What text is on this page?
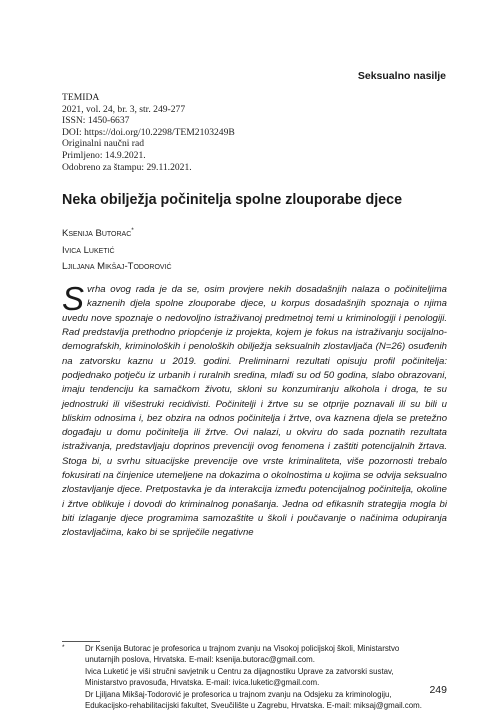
Seksualno nasilje
TEMIDA
2021, vol. 24, br. 3, str. 249-277
ISSN: 1450-6637
DOI: https://doi.org/10.2298/TEM2103249B
Originalni naučni rad
Primljeno: 14.9.2021.
Odobreno za štampu: 29.11.2021.
Neka obilježja počinitelja spolne zlouporabe djece
Ksenija Butorac*
Ivica Luketić
Ljiljana Mikšaj-Todorović

Svrha ovog rada je da se, osim provjere nekih dosadašnjih nalaza o počiniteljima kaznenih djela spolne zlouporabe djece, u korpus dosadašnjih spoznaja o njima uvedu nove spoznaje o nedovoljno istraživanoj predmetnoj temi u kriminologiji i penologiji. Rad predstavlja prethodno priopćenje iz projekta, kojem je fokus na istraživanju socijalno-demografskih, kriminoloških i penoloških obilježja seksualnih zlostavljača (N=26) osuđenih na zatvorsku kaznu u 2019. godini. Preliminarni rezultati opisuju profil počinitelja: podjednako potječu iz urbanih i ruralnih sredina, mlađi su od 50 godina, slabo obrazovani, imaju tendenciju ka samačkom životu, skloni su konzumiranju alkohola i droga, te su jednostruki ili višestruki recidivisti. Počinitelji i žrtve su se otprije poznavali ili su bili u bliskim odnosima i, bez obzira na odnos počinitelja i žrtve, ova kaznena djela se pretežno događaju u domu počinitelja ili žrtve. Ovi nalazi, u okviru do sada poznatih rezultata istraživanja, predstavljaju doprinos prevenciji ovog fenomena i zaštiti potencijalnih žrtava. Stoga bi, u svrhu situacijske prevencije ove vrste kriminaliteta, više pozornosti trebalo fokusirati na činjenice utemeljene na dokazima o okolnostima u kojima se odvija seksualno zlostavljanje djece. Pretpostavka je da interakcija između potencijalnog počinitelja, okoline i žrtve oblikuje i dovodi do kriminalnog ponašanja. Jedna od efikasnih strategija mogla bi biti izlaganje djece programima samozaštite u školi i poučavanje o načinima odupiranja zlostavljačima, kako bi se spriječile negativne

*	Dr Ksenija Butorac je profesorica u trajnom zvanju na Visokoj policijskoj školi, Ministarstvo
unutarnjih poslova, Hrvatska. E-mail: ksenija.butorac@gmail.com.
Ivica Luketić je viši stručni savjetnik u Centru za dijagnostiku Uprave za zatvorski sustav,
Ministarstvo pravosuđa, Hrvatska. E-mail: ivica.luketic@gmail.com.
Dr Ljiljana Mikšaj-Todorović je profesorica u trajnom zvanju na Odsjeku za kriminologiju,
Edukacijsko-rehabilitacijski fakultet, Sveučilište u Zagrebu, Hrvatska. E-mail: miksaj@gmail.com.
249
